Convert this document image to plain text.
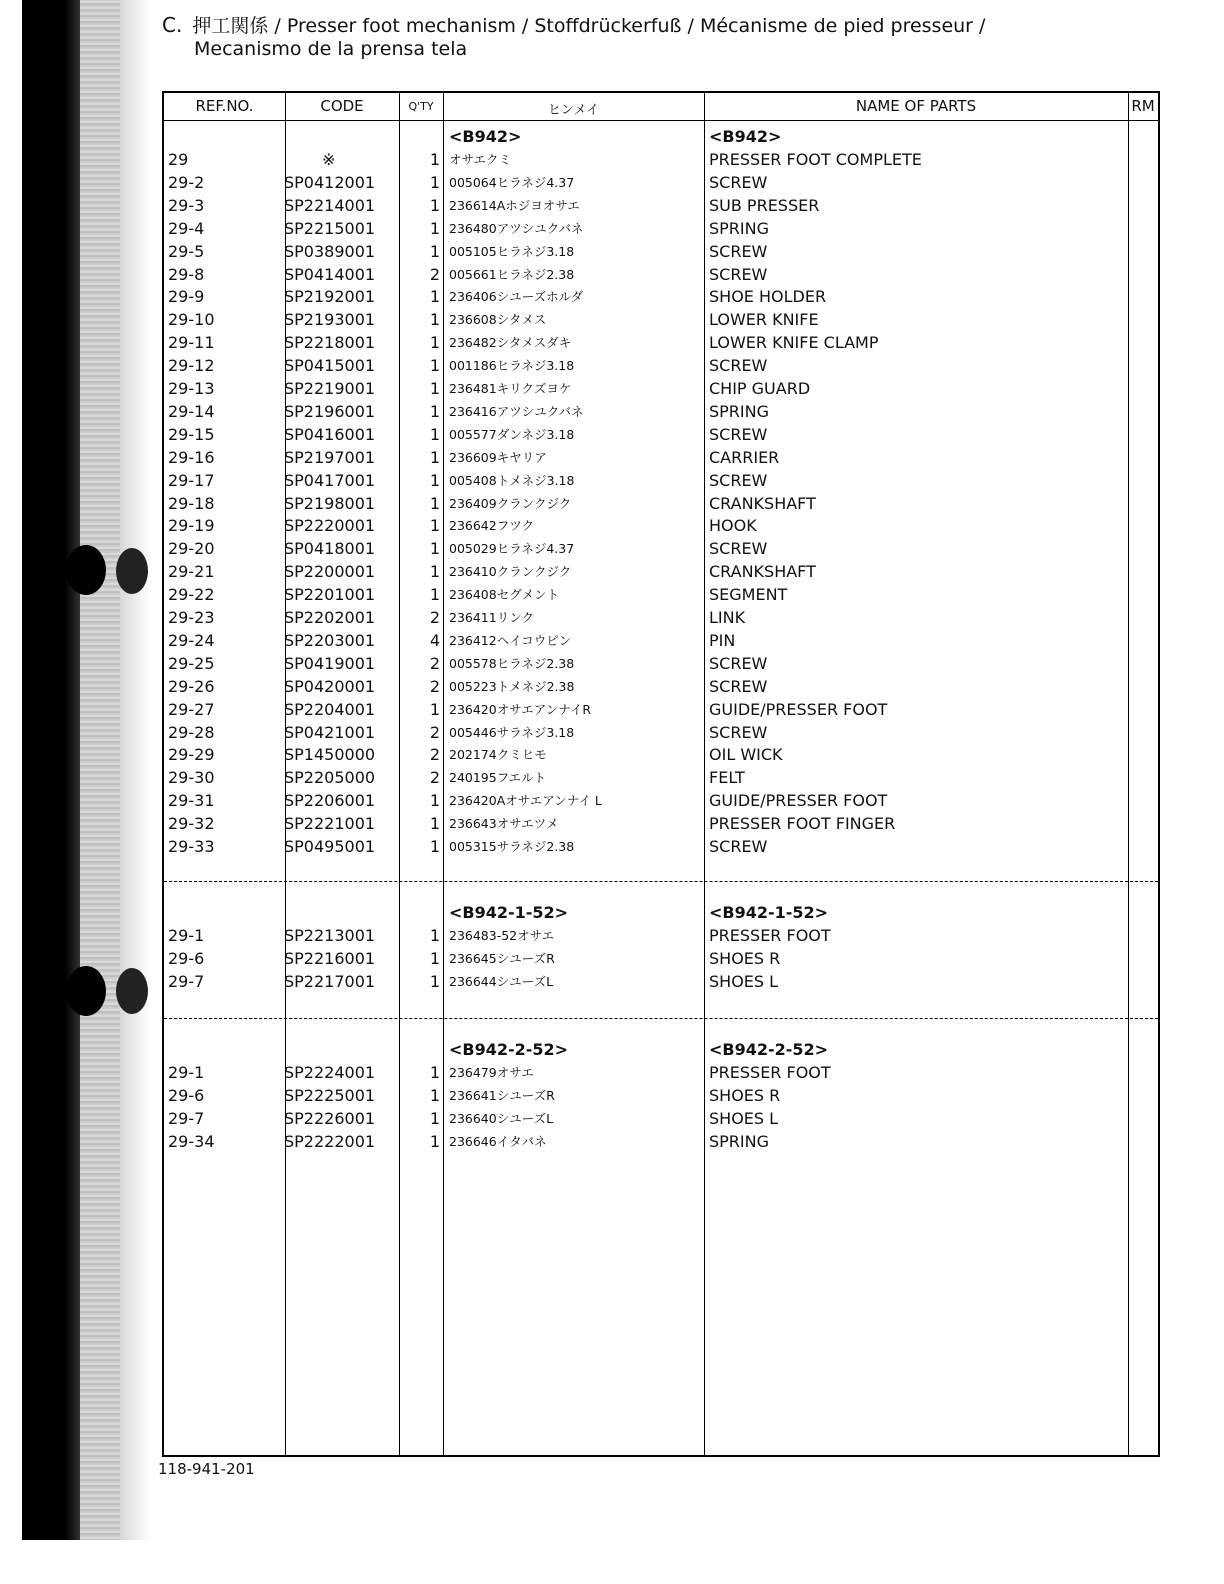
C. 押工関係 / Presser foot mechanism / Stoffdrückerfuß / Mécanisme de pied presseur /
Mecanismo de la prensa tela
REF.NO.	CODE	Q'TY	ヒンメイ	NAME OF PARTS	RM
<B942>	<B942>
29	※	1 オサエクミ	PRESSER FOOT COMPLETE
29-2	SP0412001	1 005064ヒラネジ4.37	SCREW
29-3	SP2214001	1 236614Aホジヨオサエ	SUB PRESSER
29-4	SP2215001	1 236480アツシユクバネ	SPRING
29-5	SP0389001	1 005105ヒラネジ3.18	SCREW
29-8	SP0414001	2 005661ヒラネジ2.38	SCREW
29-9	SP2192001	1 236406シユーズホルダ	SHOE HOLDER
29-10	SP2193001	1 236608シタメス	LOWER KNIFE
29-11	SP2218001	1 236482シタメスダキ	LOWER KNIFE CLAMP
29-12	SP0415001	1 001186ヒラネジ3.18	SCREW
29-13	SP2219001	1 236481キリクズヨケ	CHIP GUARD
29-14	SP2196001	1 236416アツシユクバネ	SPRING
29-15	SP0416001	1 005577ダンネジ3.18	SCREW
29-16	SP2197001	1 236609キヤリア	CARRIER
29-17	SP0417001	1 005408トメネジ3.18	SCREW
29-18	SP2198001	1 236409クランクジク	CRANKSHAFT
29-19	SP2220001	1 236642フツク	HOOK
29-20	SP0418001	1 005029ヒラネジ4.37	SCREW
29-21	SP2200001	1 236410クランクジク	CRANKSHAFT
29-22	SP2201001	1 236408セグメント	SEGMENT
29-23	SP2202001	2 236411リンク	LINK
29-24	SP2203001	4 236412ヘイコウピン	PIN
29-25	SP0419001	2 005578ヒラネジ2.38	SCREW
29-26	SP0420001	2 005223トメネジ2.38	SCREW
29-27	SP2204001	1 236420オサエアンナイR	GUIDE/PRESSER FOOT
29-28	SP0421001	2 005446サラネジ3.18	SCREW
29-29	SP1450000	2 202174クミヒモ	OIL WICK
29-30	SP2205000	2 240195フエルト	FELT
29-31	SP2206001	1 236420Aオサエアンナイ L	GUIDE/PRESSER FOOT
29-32	SP2221001	1 236643オサエツメ	PRESSER FOOT FINGER
29-33	SP0495001	1 005315サラネジ2.38	SCREW
<B942-1-52>	<B942-1-52>
29-1	SP2213001	1 236483-52オサエ	PRESSER FOOT
29-6	SP2216001	1 236645シユーズR	SHOES R
29-7	SP2217001	1 236644シユーズL	SHOES L
<B942-2-52>	<B942-2-52>
29-1	SP2224001	1 236479オサエ	PRESSER FOOT
29-6	SP2225001	1 236641シユーズR	SHOES R
29-7	SP2226001	1 236640シユーズL	SHOES L
29-34	SP2222001	1 236646イタバネ	SPRING
118-941-201
